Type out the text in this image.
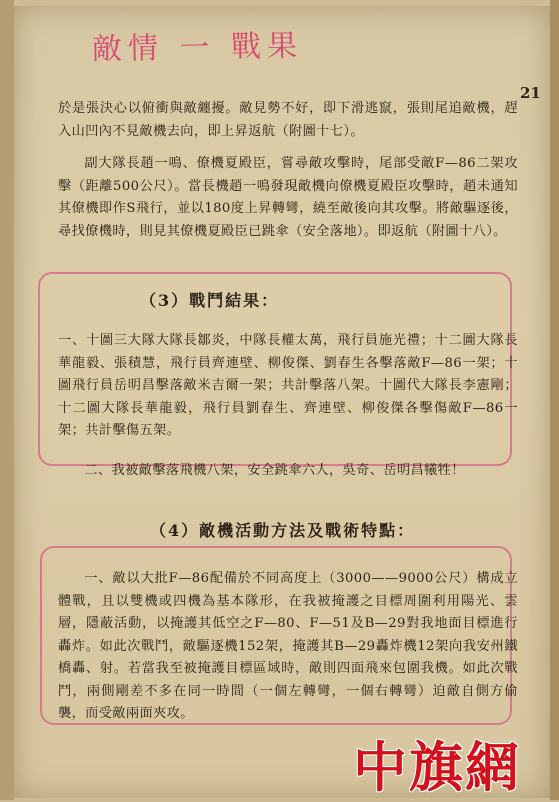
敵情 一 戰果

21

於是張決心以俯衝與敵纏擾。敵見勢不好，即下滑逃竄，張則尾追敵機，趕入山凹內不見敵機去向，即上昇返航（附圖十七）。

副大隊長趙一鳴、僚機夏殿臣，嘗尋敵攻擊時，尾部受敵F—86二架攻擊（距離500公尺）。當長機趙一鳴發現敵機向僚機夏殿臣攻擊時，趙未通知其僚機即作S飛行，並以180度上昇轉彎，繞至敵後向其攻擊。將敵驅逐後，尋找僚機時，則見其僚機夏殿臣已跳傘（安全落地）。即返航（附圖十八）。

（3）戰鬥結果：

一、十圖三大隊大隊長鄒炎，中隊長權太萬，飛行員施光禮；十二圖大隊長華龍毅、張積慧，飛行員齊連壁、柳俊傑、劉春生各擊落敵F—86一架；十圖飛行員岳明昌擊落敵米吉爾一架；共計擊落八架。十圖代大隊長李憲剛；十二圖大隊長華龍毅，飛行員劉春生、齊連壁、柳俊傑各擊傷敵F—86一架；共計擊傷五架。

二、我被敵擊落飛機八架，安全跳傘六人，吳奇、岳明昌犧牲！

（4）敵機活動方法及戰術特點：

一、敵以大批F—86配備於不同高度上（3000——9000公尺）構成立體戰，且以雙機或四機為基本隊形，在我被掩護之目標周圍利用陽光、雲層，隱蔽活動，以掩護其低空之F—80、F—51及B—29對我地面目標進行轟炸。如此次戰鬥，敵驅逐機152架，掩護其B—29轟炸機12架向我安州鐵橋轟、射。若當我至被掩護目標區域時，敵則四面飛來包圍我機。如此次戰鬥，兩側剛差不多在同一時間（一個左轉彎，一個右轉彎）迫敵自側方偷襲，而受敵兩面夾攻。

中旗網
